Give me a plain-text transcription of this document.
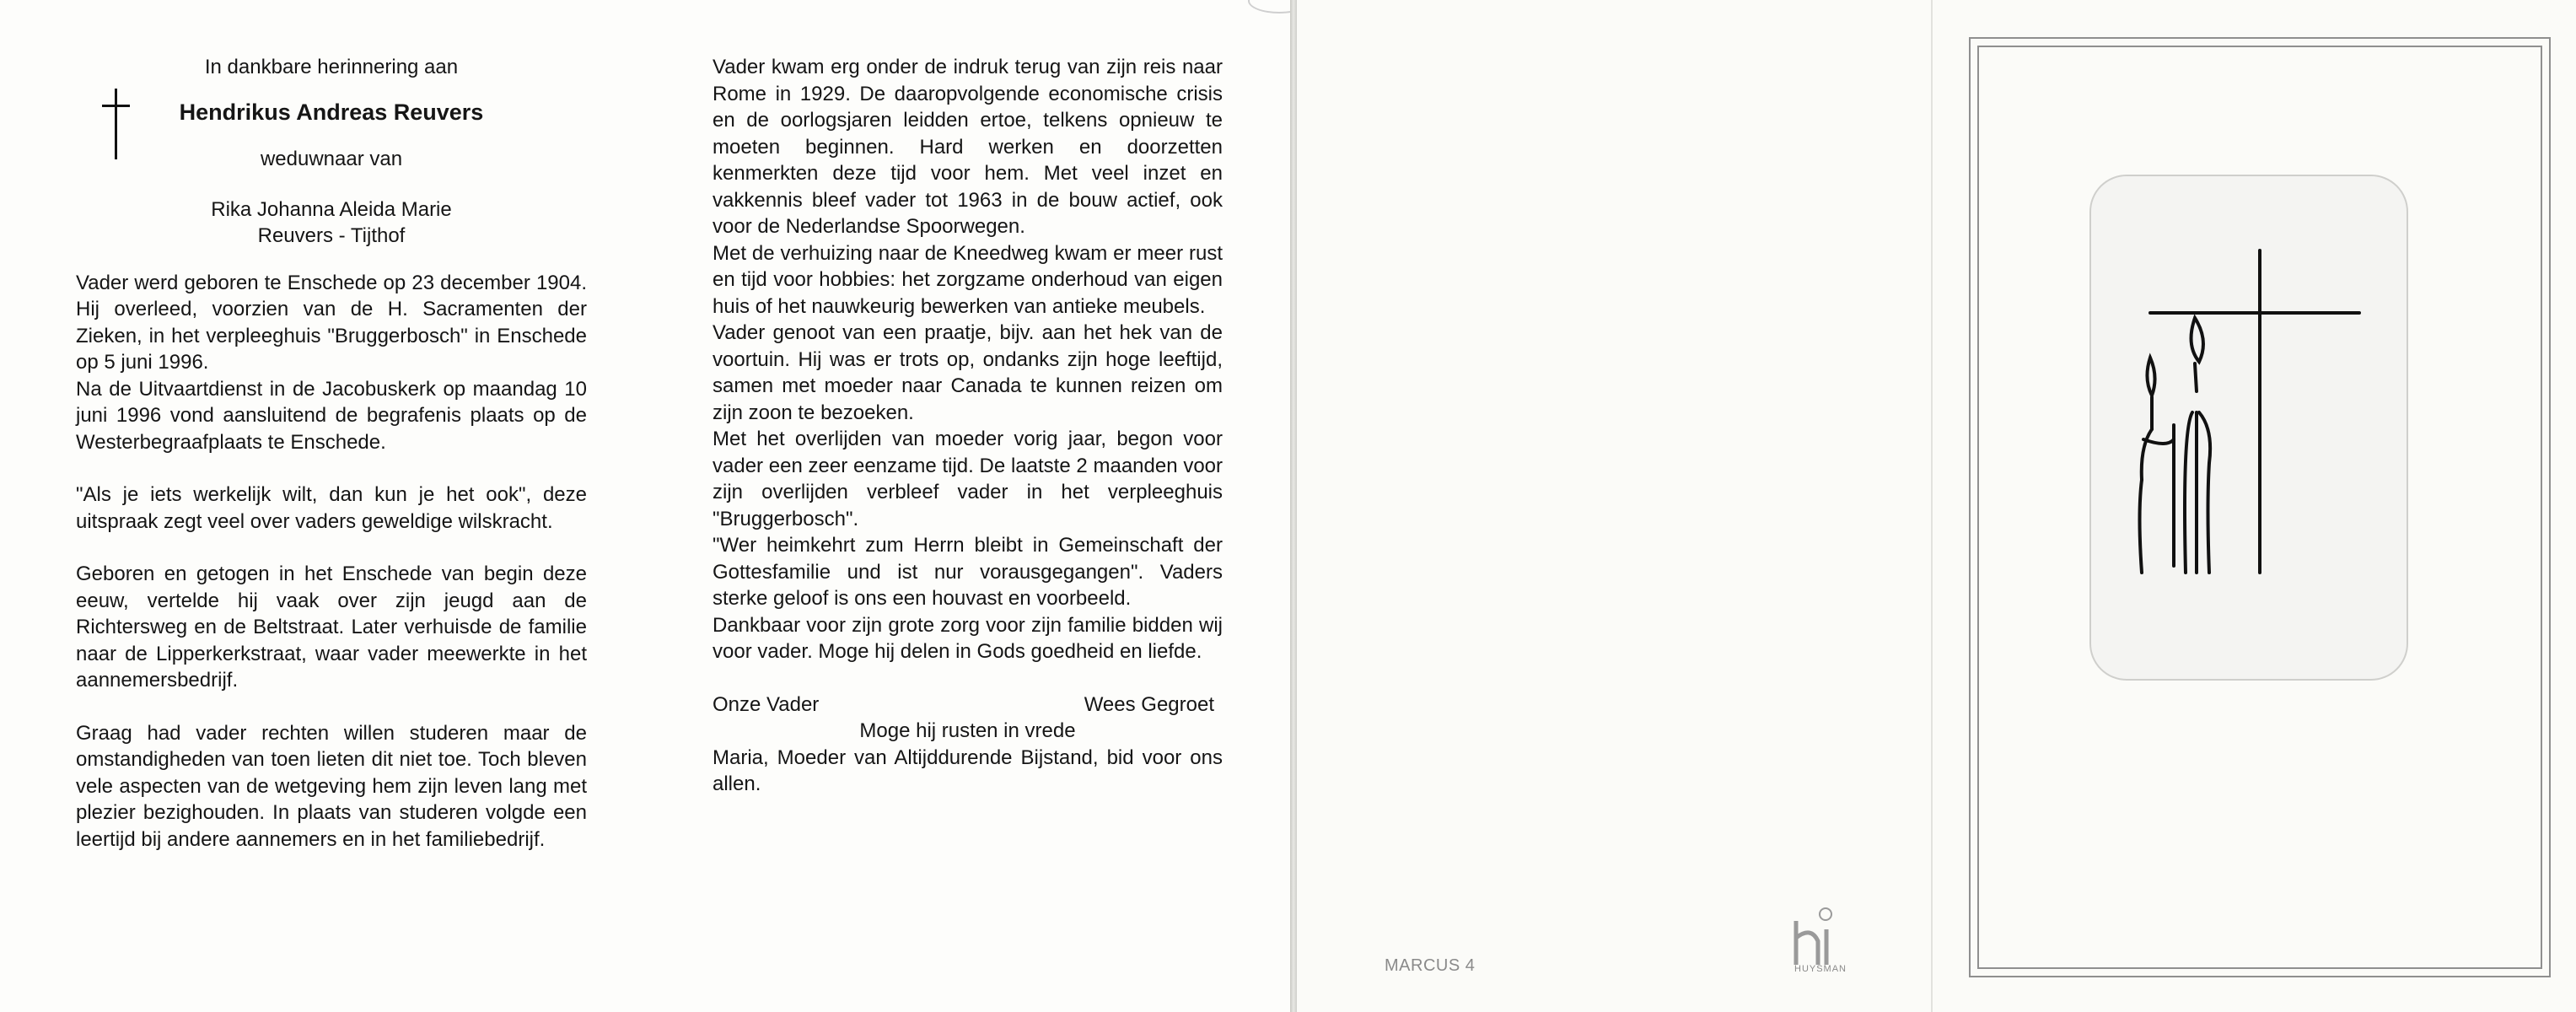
In dankbare herinnering aan

Hendrikus Andreas Reuvers

weduwnaar van

Rika Johanna Aleida Marie

Reuvers - Tijthof

Vader werd geboren te Enschede op 23 december 1904. Hij overleed, voorzien van de H. Sacramenten der Zieken, in het verpleeghuis "Bruggerbosch" in Enschede op 5 juni 1996.
Na de Uitvaartdienst in de Jacobuskerk op maandag 10 juni 1996 vond aansluitend de begrafenis plaats op de Westerbegraafplaats te Enschede.

"Als je iets werkelijk wilt, dan kun je het ook", deze uitspraak zegt veel over vaders geweldige wilskracht.

Geboren en getogen in het Enschede van begin deze eeuw, vertelde hij vaak over zijn jeugd aan de Richtersweg en de Beltstraat. Later verhuisde de familie naar de Lipperkerkstraat, waar vader meewerkte in het aannemersbedrijf.

Graag had vader rechten willen studeren maar de omstandigheden van toen lieten dit niet toe. Toch bleven vele aspecten van de wetgeving hem zijn leven lang met plezier bezighouden. In plaats van studeren volgde een leertijd bij andere aannemers en in het familiebedrijf.

Vader kwam erg onder de indruk terug van zijn reis naar Rome in 1929. De daaropvolgende economische crisis en de oorlogsjaren leidden ertoe, telkens opnieuw te moeten beginnen. Hard werken en doorzetten kenmerkten deze tijd voor hem. Met veel inzet en vakkennis bleef vader tot 1963 in de bouw actief, ook voor de Nederlandse Spoorwegen.

Met de verhuizing naar de Kneedweg kwam er meer rust en tijd voor hobbies: het zorgzame onderhoud van eigen huis of het nauwkeurig bewerken van antieke meubels.

Vader genoot van een praatje, bijv. aan het hek van de voortuin. Hij was er trots op, ondanks zijn hoge leeftijd, samen met moeder naar Canada te kunnen reizen om zijn zoon te bezoeken.

Met het overlijden van moeder vorig jaar, begon voor vader een zeer eenzame tijd. De laatste 2 maanden voor zijn overlijden verbleef vader in het verpleeghuis "Bruggerbosch".

"Wer heimkehrt zum Herrn bleibt in Gemeinschaft der Gottesfamilie und ist nur vorausgegangen". Vaders sterke geloof is ons een houvast en voorbeeld.

Dankbaar voor zijn grote zorg voor zijn familie bidden wij voor vader. Moge hij delen in Gods goedheid en liefde.

Onze Vader	Wees Gegroet
Moge hij rusten in vrede

Maria, Moeder van Altijddurende Bijstand, bid voor ons allen.

MARCUS 4	HUYSMAN
